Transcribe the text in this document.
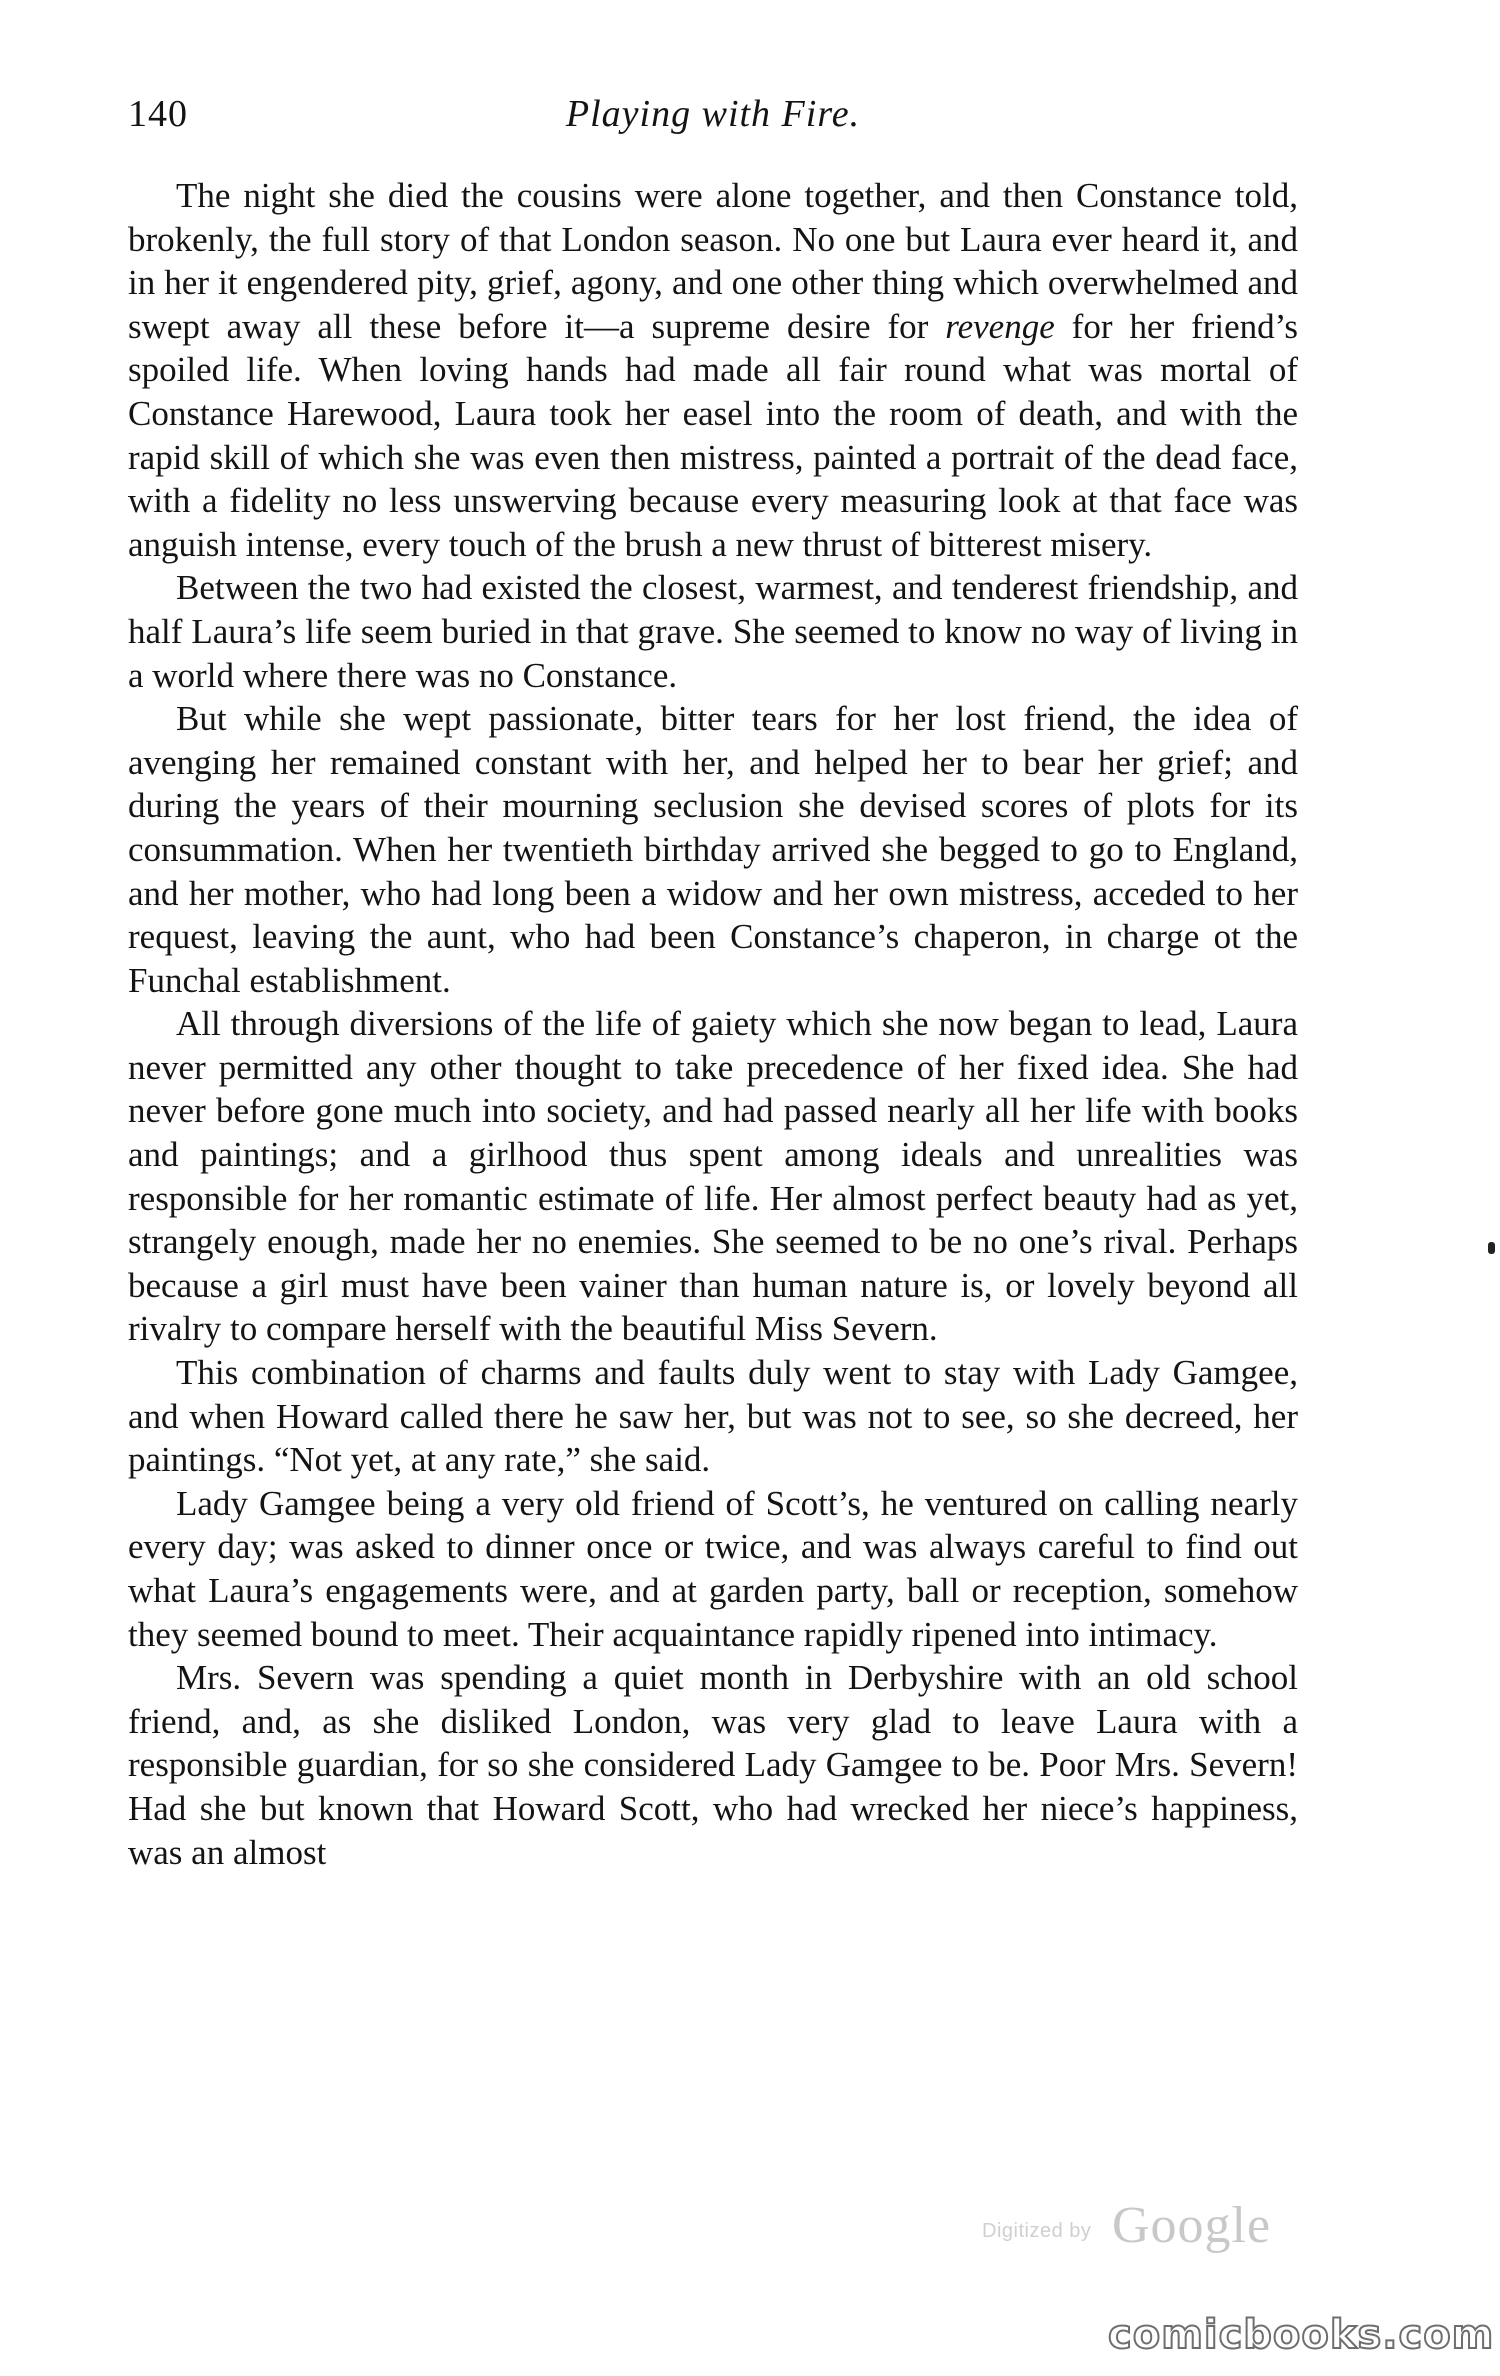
140	Playing with Fire.

The night she died the cousins were alone together, and then Constance told, brokenly, the full story of that London season. No one but Laura ever heard it, and in her it engendered pity, grief, agony, and one other thing which overwhelmed and swept away all these before it—a supreme desire for revenge for her friend’s spoiled life. When loving hands had made all fair round what was mortal of Constance Harewood, Laura took her easel into the room of death, and with the rapid skill of which she was even then mistress, painted a portrait of the dead face, with a fidelity no less unswerving because every measuring look at that face was anguish intense, every touch of the brush a new thrust of bitterest misery.

Between the two had existed the closest, warmest, and tenderest friendship, and half Laura’s life seem buried in that grave. She seemed to know no way of living in a world where there was no Constance.

But while she wept passionate, bitter tears for her lost friend, the idea of avenging her remained constant with her, and helped her to bear her grief; and during the years of their mourning seclusion she devised scores of plots for its consummation. When her twentieth birthday arrived she begged to go to England, and her mother, who had long been a widow and her own mistress, acceded to her request, leaving the aunt, who had been Constance’s chaperon, in charge ot the Funchal establishment.

All through diversions of the life of gaiety which she now began to lead, Laura never permitted any other thought to take precedence of her fixed idea. She had never before gone much into society, and had passed nearly all her life with books and paintings; and a girlhood thus spent among ideals and unrealities was responsible for her romantic estimate of life. Her almost perfect beauty had as yet, strangely enough, made her no enemies. She seemed to be no one’s rival. Perhaps because a girl must have been vainer than human nature is, or lovely beyond all rivalry to compare herself with the beautiful Miss Severn.

This combination of charms and faults duly went to stay with Lady Gamgee, and when Howard called there he saw her, but was not to see, so she decreed, her paintings. “Not yet, at any rate,” she said.

Lady Gamgee being a very old friend of Scott’s, he ventured on calling nearly every day; was asked to dinner once or twice, and was always careful to find out what Laura’s engagements were, and at garden party, ball or reception, somehow they seemed bound to meet. Their acquaintance rapidly ripened into intimacy.

Mrs. Severn was spending a quiet month in Derbyshire with an old school friend, and, as she disliked London, was very glad to leave Laura with a responsible guardian, for so she considered Lady Gamgee to be. Poor Mrs. Severn! Had she but known that Howard Scott, who had wrecked her niece’s happiness, was an almost

Digitized by Google
comicbooks.com
